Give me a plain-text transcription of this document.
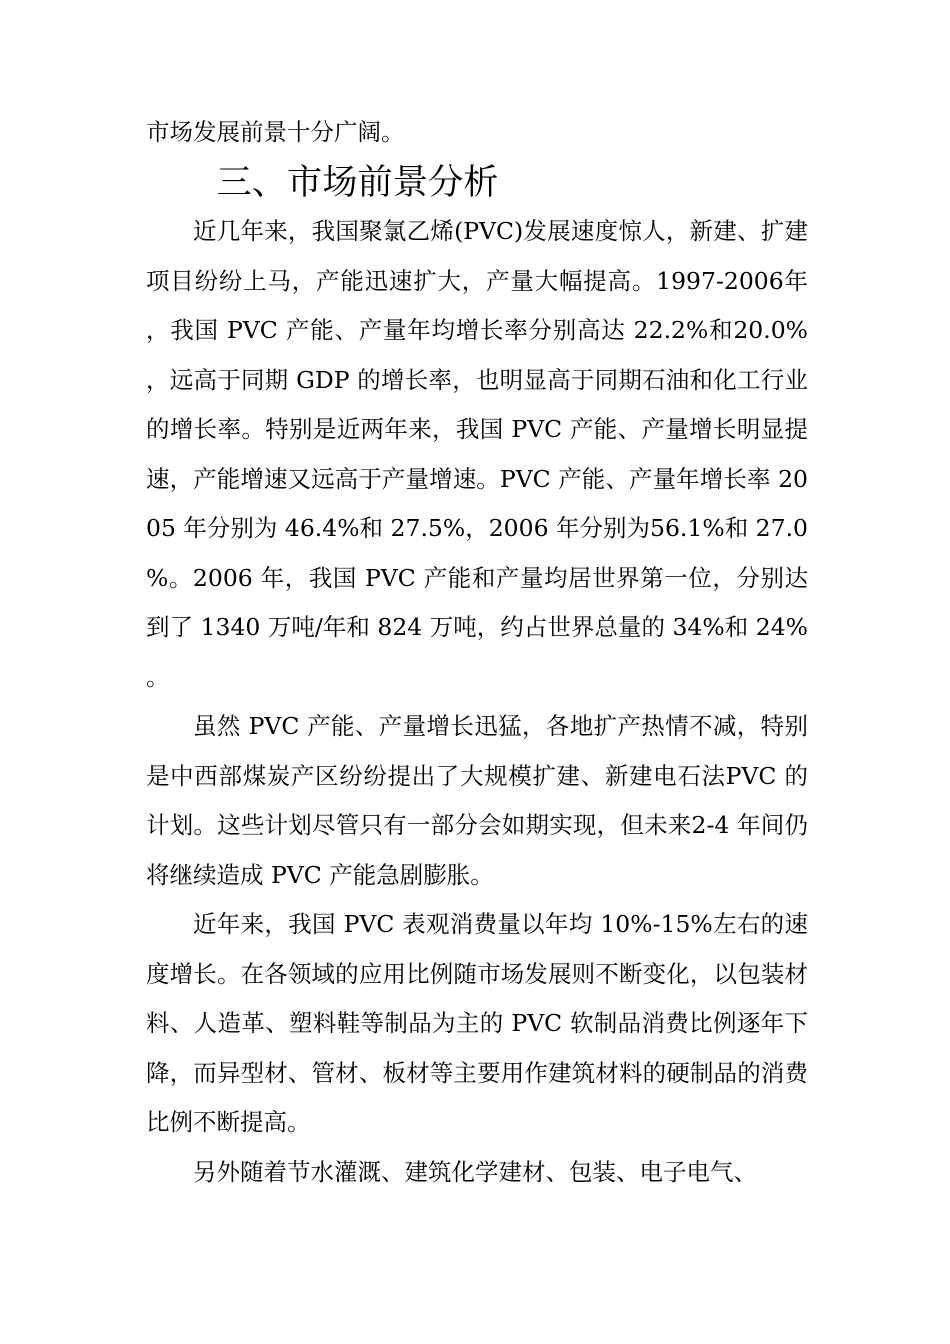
市场发展前景十分广阔。

三、市场前景分析

近几年来，我国聚氯乙烯(PVC)发展速度惊人，新建、扩建项目纷纷上马，产能迅速扩大，产量大幅提高。1997-2006年，我国 PVC 产能、产量年均增长率分别高达 22.2%和20.0%，远高于同期 GDP 的增长率，也明显高于同期石油和化工行业的增长率。特别是近两年来，我国 PVC 产能、产量增长明显提速，产能增速又远高于产量增速。PVC 产能、产量年增长率 2005 年分别为 46.4%和 27.5%，2006 年分别为56.1%和 27.0%。2006 年，我国 PVC 产能和产量均居世界第一位，分别达到了 1340 万吨/年和 824 万吨，约占世界总量的 34%和 24%。

虽然 PVC 产能、产量增长迅猛，各地扩产热情不减，特别是中西部煤炭产区纷纷提出了大规模扩建、新建电石法PVC 的计划。这些计划尽管只有一部分会如期实现，但未来2-4 年间仍将继续造成 PVC 产能急剧膨胀。

近年来，我国 PVC 表观消费量以年均 10%-15%左右的速度增长。在各领域的应用比例随市场发展则不断变化，以包装材料、人造革、塑料鞋等制品为主的 PVC 软制品消费比例逐年下降，而异型材、管材、板材等主要用作建筑材料的硬制品的消费比例不断提高。

另外随着节水灌溉、建筑化学建材、包装、电子电气、
